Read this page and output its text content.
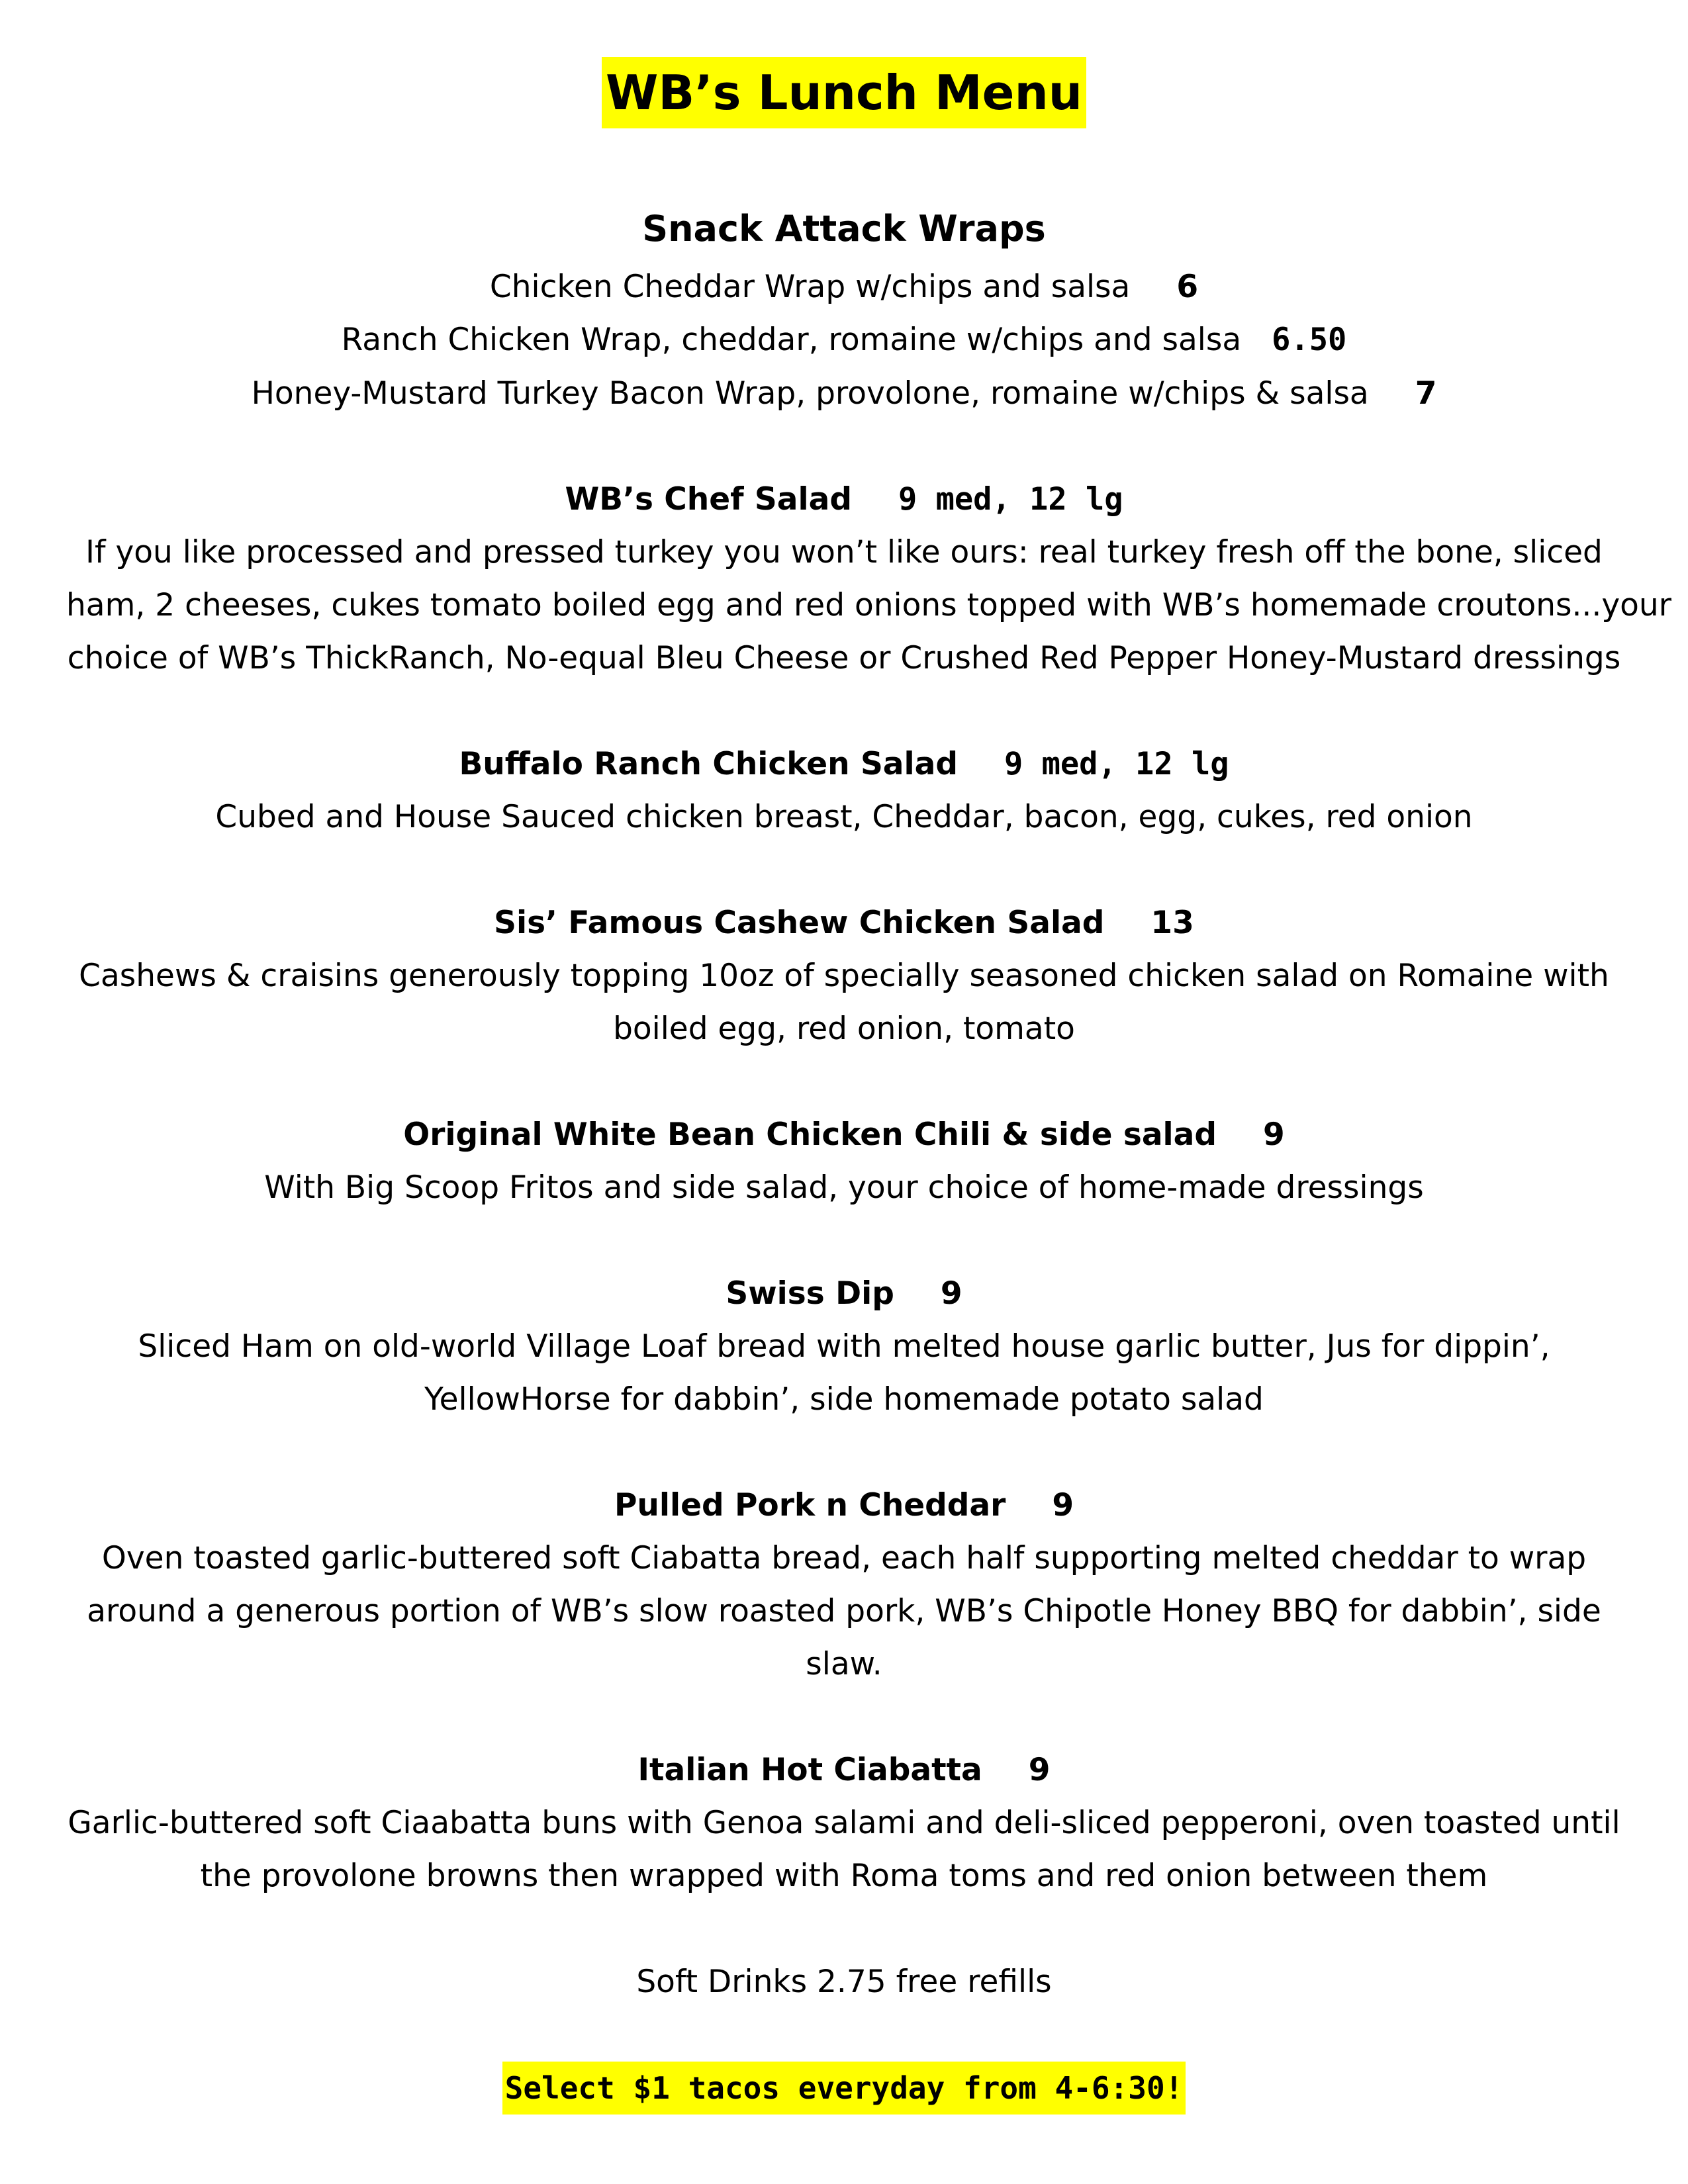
WB’s Lunch Menu
Snack Attack Wraps
Chicken Cheddar Wrap w/chips and salsa 6
Ranch Chicken Wrap, cheddar, romaine w/chips and salsa 6.50
Honey-Mustard Turkey Bacon Wrap, provolone, romaine w/chips & salsa 7
WB’s Chef Salad 9 med, 12 lg
If you like processed and pressed turkey you won’t like ours: real turkey fresh off the bone, sliced
ham, 2 cheeses, cukes tomato boiled egg and red onions topped with WB’s homemade croutons...your
choice of WB’s ThickRanch, No-equal Bleu Cheese or Crushed Red Pepper Honey-Mustard dressings
Buffalo Ranch Chicken Salad 9 med, 12 lg
Cubed and House Sauced chicken breast, Cheddar, bacon, egg, cukes, red onion
Sis’ Famous Cashew Chicken Salad 13
Cashews & craisins generously topping 10oz of specially seasoned chicken salad on Romaine with
boiled egg, red onion, tomato
Original White Bean Chicken Chili & side salad 9
With Big Scoop Fritos and side salad, your choice of home-made dressings
Swiss Dip 9
Sliced Ham on old-world Village Loaf bread with melted house garlic butter, Jus for dippin’,
YellowHorse for dabbin’, side homemade potato salad
Pulled Pork n Cheddar 9
Oven toasted garlic-buttered soft Ciabatta bread, each half supporting melted cheddar to wrap
around a generous portion of WB’s slow roasted pork, WB’s Chipotle Honey BBQ for dabbin’, side
slaw.
Italian Hot Ciabatta 9
Garlic-buttered soft Ciaabatta buns with Genoa salami and deli-sliced pepperoni, oven toasted until
the provolone browns then wrapped with Roma toms and red onion between them
Soft Drinks 2.75 free refills
Select $1 tacos everyday from 4-6:30!
